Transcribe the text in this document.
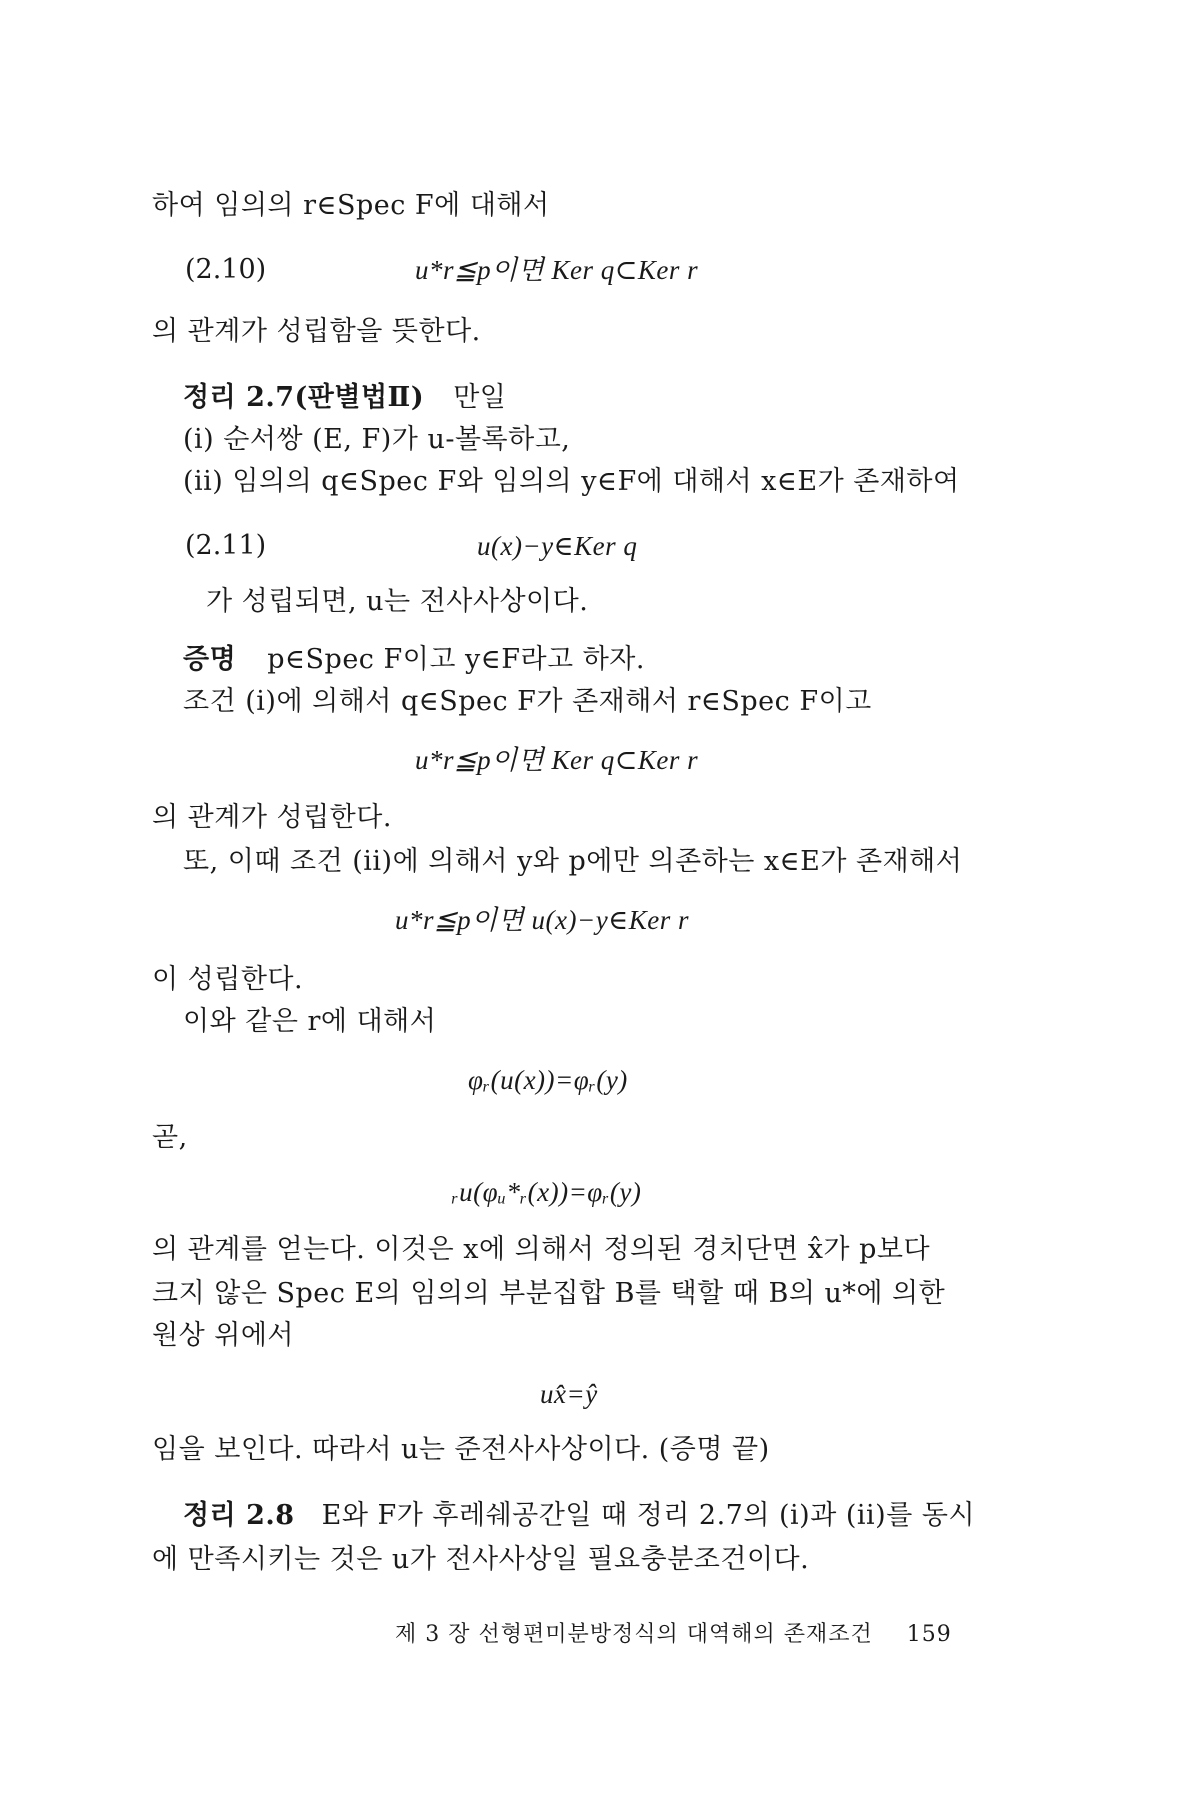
하여 임의의 r∈Spec F에 대해서
(2.10)	u*r≦p이면 Ker q⊂Ker r
의 관계가 성립함을 뜻한다.
정리 2.7(판별법Ⅱ) 만일
(i) 순서쌍 (E, F)가 u-볼록하고,
(ii) 임의의 q∈Spec F와 임의의 y∈F에 대해서 x∈E가 존재하여
(2.11)	u(x)−y∈Ker q
가 성립되면, u는 전사사상이다.
증명 p∈Spec F이고 y∈F라고 하자.
조건 (i)에 의해서 q∈Spec F가 존재해서 r∈Spec F이고
u*r≦p이면 Ker q⊂Ker r
의 관계가 성립한다.
또, 이때 조건 (ii)에 의해서 y와 p에만 의존하는 x∈E가 존재해서
u*r≦p이면 u(x)−y∈Ker r
이 성립한다.
이와 같은 r에 대해서
φᵣ(u(x))=φᵣ(y)
곧,
ᵣu(φᵤ*ᵣ(x))=φᵣ(y)
의 관계를 얻는다. 이것은 x에 의해서 정의된 경치단면 x̂가 p보다
크지 않은 Spec E의 임의의 부분집합 B를 택할 때 B의 u*에 의한
원상 위에서
ux̂=ŷ
임을 보인다. 따라서 u는 준전사사상이다. (증명 끝)
정리 2.8 E와 F가 후레쉐공간일 때 정리 2.7의 (i)과 (ii)를 동시
에 만족시키는 것은 u가 전사사상일 필요충분조건이다.
제 3 장 선형편미분방정식의 대역해의 존재조건 159
